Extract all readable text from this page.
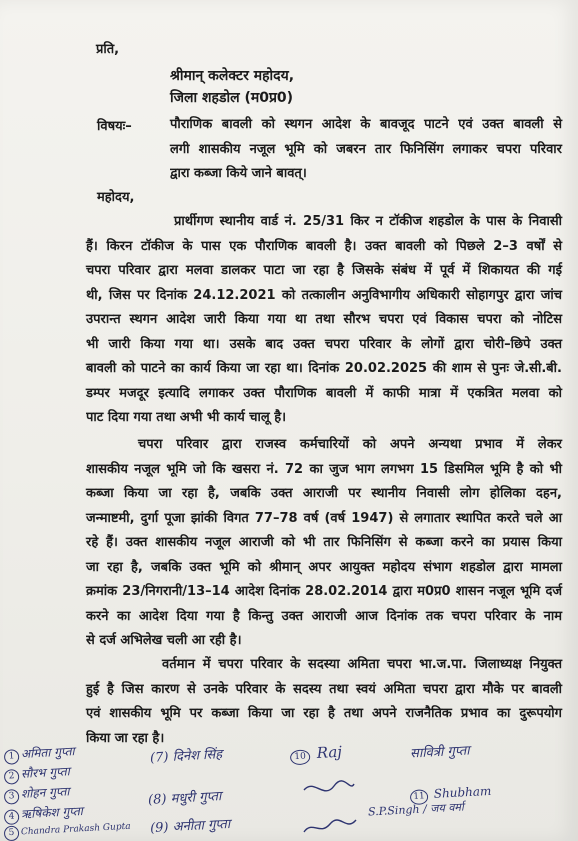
प्रति,
श्रीमान् कलेक्टर महोदय,
जिला शहडोल (म0प्र0)
विषयः–	पौराणिक बावली को स्थगन आदेश के बावजूद पाटने एवं उक्त बावली से
लगी शासकीय नजूल भूमि को जबरन तार फिनिसिंग लगाकर चपरा परिवार
द्वारा कब्जा किये जाने बावत्।
महोदय,
प्रार्थीगण स्थानीय वार्ड नं. 25/31 किर न टॉकीज शहडोल के पास के निवासी
हैं। किरन टॉकीज के पास एक पौराणिक बावली है। उक्त बावली को पिछले 2–3 वर्षों से
चपरा परिवार द्वारा मलवा डालकर पाटा जा रहा है जिसके संबंध में पूर्व में शिकायत की गई
थी, जिस पर दिनांक 24.12.2021 को तत्कालीन अनुविभागीय अधिकारी सोहागपुर द्वारा जांच
उपरान्त स्थगन आदेश जारी किया गया था तथा सौरभ चपरा एवं विकास चपरा को नोटिस
भी जारी किया गया था। उसके बाद उक्त चपरा परिवार के लोगों द्वारा चोरी–छिपे उक्त
बावली को पाटने का कार्य किया जा रहा था। दिनांक 20.02.2025 की शाम से पुनः जे.सी.बी.
डम्पर मजदूर इत्यादि लगाकर उक्त पौराणिक बावली में काफी मात्रा में एकत्रित मलवा को
पाट दिया गया तथा अभी भी कार्य चालू है।
चपरा परिवार द्वारा राजस्व कर्मचारियों को अपने अन्यथा प्रभाव में लेकर
शासकीय नजूल भूमि जो कि खसरा नं. 72 का जुज भाग लगभग 15 डिसमिल भूमि है को भी
कब्जा किया जा रहा है, जबकि उक्त आराजी पर स्थानीय निवासी लोग होलिका दहन,
जन्माष्टमी, दुर्गा पूजा झांकी विगत 77–78 वर्ष (वर्ष 1947) से लगातार स्थापित करते चले आ
रहे हैं। उक्त शासकीय नजूल आराजी को भी तार फिनिसिंग से कब्जा करने का प्रयास किया
जा रहा है, जबकि उक्त भूमि को श्रीमान् अपर आयुक्त महोदय संभाग शहडोल द्वारा मामला
क्रमांक 23/निगरानी/13–14 आदेश दिनांक 28.02.2014 द्वारा म0प्र0 शासन नजूल भूमि दर्ज
करने का आदेश दिया गया है किन्तु उक्त आराजी आज दिनांक तक चपरा परिवार के नाम
से दर्ज अभिलेख चली आ रही है।
वर्तमान में चपरा परिवार के सदस्या अमिता चपरा भा.ज.पा. जिलाध्यक्ष नियुक्त
हुई है जिस कारण से उनके परिवार के सदस्य तथा स्वयं अमिता चपरा द्वारा मौके पर बावली
एवं शासकीय भूमि पर कब्जा किया जा रहा है तथा अपने राजनैतिक प्रभाव का दुरूपयोग
किया जा रहा है।
1 अमिता गुप्ता
2 सौरभ गुप्ता
3 शोहन गुप्ता
4 ऋषिकेश गुप्ता
5 Chandra Prakash Gupta
(7) दिनेश सिंह
(8) मधुरी गुप्ता
(9) अनीता गुप्ता
10 Raj
11 Shubham
सावित्री गुप्ता
S.P.Singh / जय वर्मा
